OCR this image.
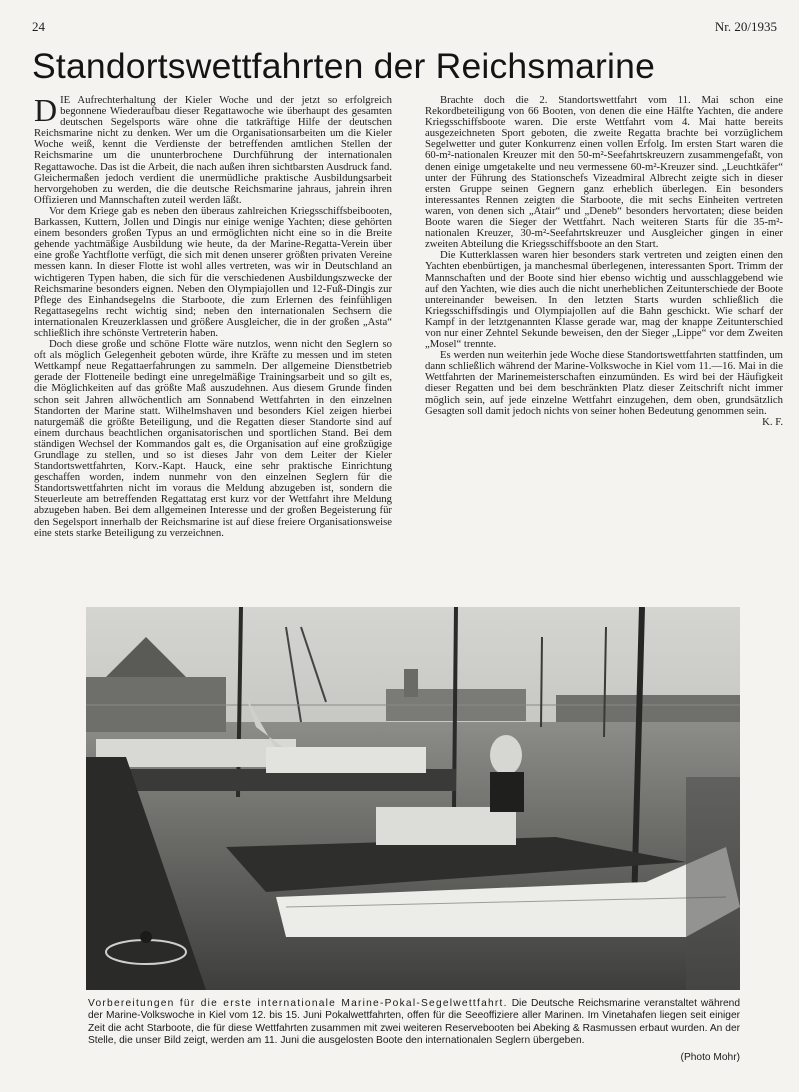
24	Nr. 20/1935
Standortswettfahrten der Reichsmarine

DIE Aufrechterhaltung der Kieler Woche und der jetzt so erfolgreich begonnene Wiederaufbau dieser Regattawoche wie überhaupt des gesamten deutschen Segelsports wäre ohne die tatkräftige Hilfe der deutschen Reichsmarine nicht zu denken. Wer um die Organisationsarbeiten um die Kieler Woche weiß, kennt die Verdienste der betreffenden amtlichen Stellen der Reichsmarine um die ununterbrochene Durchführung der internationalen Regattawoche. Das ist die Arbeit, die nach außen ihren sichtbarsten Ausdruck fand. Gleichermaßen jedoch verdient die unermüdliche praktische Ausbildungsarbeit hervorgehoben zu werden, die die deutsche Reichsmarine jahraus, jahrein ihren Offizieren und Mannschaften zuteil werden läßt.

Vor dem Kriege gab es neben den überaus zahlreichen Kriegsschiffsbeibooten, Barkassen, Kuttern, Jollen und Dingis nur einige wenige Yachten; diese gehörten einem besonders großen Typus an und ermöglichten nicht eine so in die Breite gehende yachtmäßige Ausbildung wie heute, da der Marine-Regatta-Verein über eine große Yachtflotte verfügt, die sich mit denen unserer größten privaten Vereine messen kann. In dieser Flotte ist wohl alles vertreten, was wir in Deutschland an wichtigeren Typen haben, die sich für die verschiedenen Ausbildungszwecke der Reichsmarine besonders eignen. Neben den Olympiajollen und 12-Fuß-Dingis zur Pflege des Einhandsegelns die Starboote, die zum Erlernen des feinfühligen Regattasegelns recht wichtig sind; neben den internationalen Sechsern die internationalen Kreuzerklassen und größere Ausgleicher, die in der großen „Asta“ schließlich ihre schönste Vertreterin haben.

Doch diese große und schöne Flotte wäre nutzlos, wenn nicht den Seglern so oft als möglich Gelegenheit geboten würde, ihre Kräfte zu messen und im steten Wettkampf neue Regattaerfahrungen zu sammeln. Der allgemeine Dienstbetrieb gerade der Flotteneile bedingt eine unregelmäßige Trainingsarbeit und so gilt es, die Möglichkeiten auf das größte Maß auszudehnen. Aus diesem Grunde finden schon seit Jahren allwöchentlich am Sonnabend Wettfahrten in den einzelnen Standorten der Marine statt. Wilhelmshaven und besonders Kiel zeigen hierbei naturgemäß die größte Beteiligung, und die Regatten dieser Standorte sind auf einem durchaus beachtlichen organisatorischen und sportlichen Stand. Bei dem ständigen Wechsel der Kommandos galt es, die Organisation auf eine großzügige Grundlage zu stellen, und so ist dieses Jahr von dem Leiter der Kieler Standortswettfahrten, Korv.-Kapt. Hauck, eine sehr praktische Einrichtung geschaffen worden, indem nunmehr von den einzelnen Seglern für die Standortswettfahrten nicht im voraus die Meldung abzugeben ist, sondern die Steuerleute am betreffenden Regattatag erst kurz vor der Wettfahrt ihre Meldung abzugeben haben. Bei dem allgemeinen Interesse und der großen Begeisterung für den Segelsport innerhalb der Reichsmarine ist auf diese freiere Organisationsweise eine stets starke Beteiligung zu verzeichnen.

Brachte doch die 2. Standortswettfahrt vom 11. Mai schon eine Rekordbeteiligung von 66 Booten, von denen die eine Hälfte Yachten, die andere Kriegsschiffsboote waren. Die erste Wettfahrt vom 4. Mai hatte bereits ausgezeichneten Sport geboten, die zweite Regatta brachte bei vorzüglichem Segelwetter und guter Konkurrenz einen vollen Erfolg. Im ersten Start waren die 60-m²-nationalen Kreuzer mit den 50-m²-Seefahrtskreuzern zusammengefaßt, von denen einige umgetakelte und neu vermessene 60-m²-Kreuzer sind. „Leuchtkäfer“ unter der Führung des Stationschefs Vizeadmiral Albrecht zeigte sich in dieser ersten Gruppe seinen Gegnern ganz erheblich überlegen. Ein besonders interessantes Rennen zeigten die Starboote, die mit sechs Einheiten vertreten waren, von denen sich „Atair“ und „Deneb“ besonders hervortaten; diese beiden Boote waren die Sieger der Wettfahrt. Nach weiteren Starts für die 35-m²-nationalen Kreuzer, 30-m²-Seefahrtskreuzer und Ausgleicher gingen in einer zweiten Abteilung die Kriegsschiffsboote an den Start.

Die Kutterklassen waren hier besonders stark vertreten und zeigten einen den Yachten ebenbürtigen, ja manchesmal überlegenen, interessanten Sport. Trimm der Mannschaften und der Boote sind hier ebenso wichtig und ausschlaggebend wie auf den Yachten, wie dies auch die nicht unerheblichen Zeitunterschiede der Boote untereinander beweisen. In den letzten Starts wurden schließlich die Kriegsschiffsdingis und Olympiajollen auf die Bahn geschickt. Wie scharf der Kampf in der letztgenannten Klasse gerade war, mag der knappe Zeitunterschied von nur einer Zehntel Sekunde beweisen, den der Sieger „Lippe“ vor dem Zweiten „Mosel“ trennte.

Es werden nun weiterhin jede Woche diese Standortswettfahrten stattfinden, um dann schließlich während der Marine-Volkswoche in Kiel vom 11.—16. Mai in die Wettfahrten der Marinemeisterschaften einzumünden. Es wird bei der Häufigkeit dieser Regatten und bei dem beschränkten Platz dieser Zeitschrift nicht immer möglich sein, auf jede einzelne Wettfahrt einzugehen, dem oben, grundsätzlich Gesagten soll damit jedoch nichts von seiner hohen Bedeutung genommen sein.

K. F.

(Photo Mohr)
Vorbereitungen für die erste internationale Marine-Pokal-Segelwettfahrt. Die Deutsche Reichsmarine veranstaltet während der Marine-Volkswoche in Kiel vom 12. bis 15. Juni Pokalwettfahrten, offen für die Seeoffiziere aller Marinen. Im Vinetahafen liegen seit einiger Zeit die acht Starboote, die für diese Wettfahrten zusammen mit zwei weiteren Reservebooten bei Abeking & Rasmussen erbaut wurden. An der Stelle, die unser Bild zeigt, werden am 11. Juni die ausgelosten Boote den internationalen Seglern übergeben.
